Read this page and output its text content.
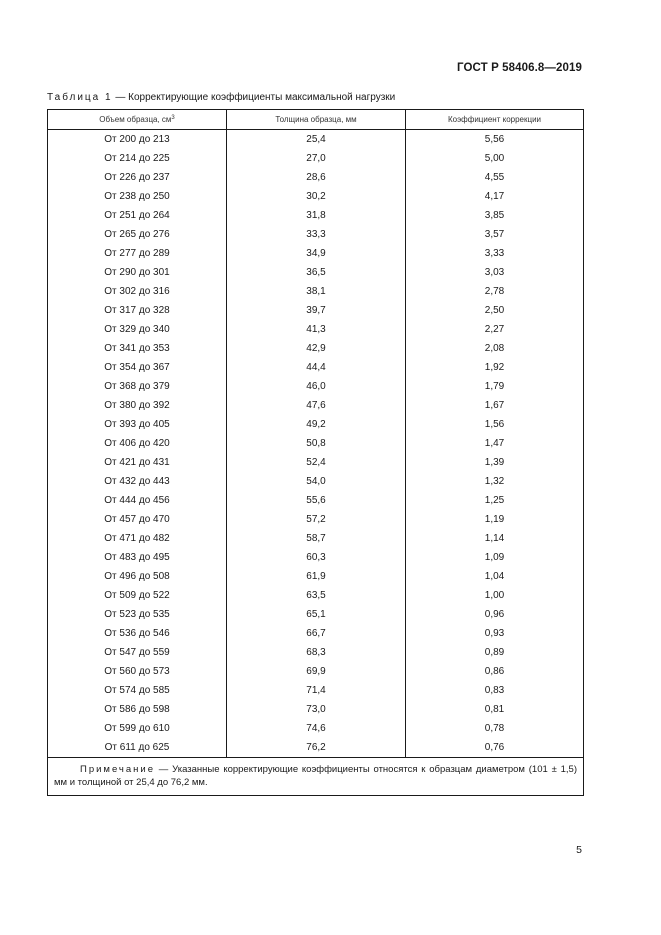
ГОСТ Р 58406.8—2019
Таблица 1 — Корректирующие коэффициенты максимальной нагрузки
Объем образца, $см^3$	Толщина образца, мм	Коэффициент коррекции
От 200 до 213	25,4	5,56
От 214 до 225	27,0	5,00
От 226 до 237	28,6	4,55
От 238 до 250	30,2	4,17
От 251 до 264	31,8	3,85
От 265 до 276	33,3	3,57
От 277 до 289	34,9	3,33
От 290 до 301	36,5	3,03
От 302 до 316	38,1	2,78
От 317 до 328	39,7	2,50
От 329 до 340	41,3	2,27
От 341 до 353	42,9	2,08
От 354 до 367	44,4	1,92
От 368 до 379	46,0	1,79
От 380 до 392	47,6	1,67
От 393 до 405	49,2	1,56
От 406 до 420	50,8	1,47
От 421 до 431	52,4	1,39
От 432 до 443	54,0	1,32
От 444 до 456	55,6	1,25
От 457 до 470	57,2	1,19
От 471 до 482	58,7	1,14
От 483 до 495	60,3	1,09
От 496 до 508	61,9	1,04
От 509 до 522	63,5	1,00
От 523 до 535	65,1	0,96
От 536 до 546	66,7	0,93
От 547 до 559	68,3	0,89
От 560 до 573	69,9	0,86
От 574 до 585	71,4	0,83
От 586 до 598	73,0	0,81
От 599 до 610	74,6	0,78
От 611 до 625	76,2	0,76
Примечание — Указанные корректирующие коэффициенты относятся к образцам диаметром (101 ± 1,5) мм и толщиной от 25,4 до 76,2 мм.		
5
